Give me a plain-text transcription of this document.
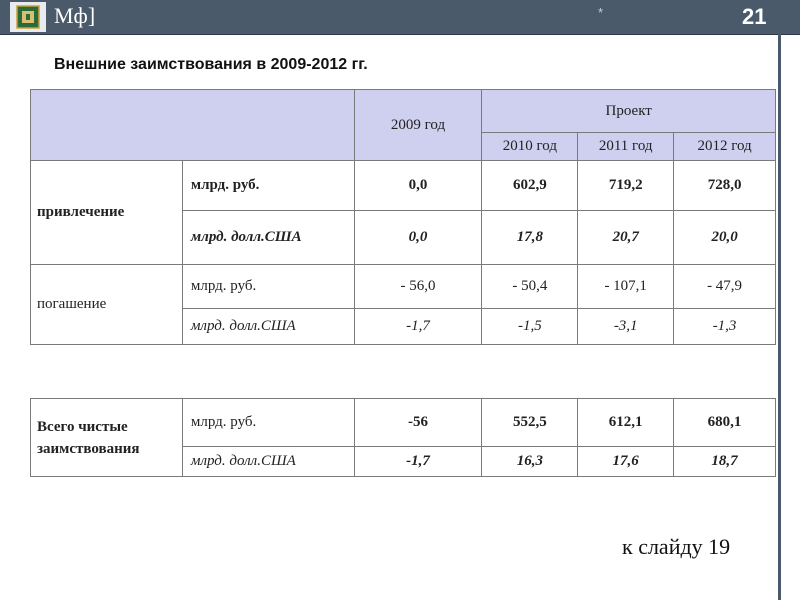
Мф]	*	21
Внешние заимствования в 2009-2012 гг.
		2009 год	Проект		
			2010 год	2011 год	2012 год
привлечение	млрд. руб.	0,0	602,9	719,2	728,0
	млрд. долл.США	0,0	17,8	20,7	20,0
погашение	млрд. руб.	- 56,0	- 50,4	- 107,1	- 47,9
	млрд. долл.США	-1,7	-1,5	-3,1	-1,3
Всего чистые заимствования	млрд. руб.	-56	552,5	612,1	680,1
	млрд. долл.США	-1,7	16,3	17,6	18,7
к слайду 19
